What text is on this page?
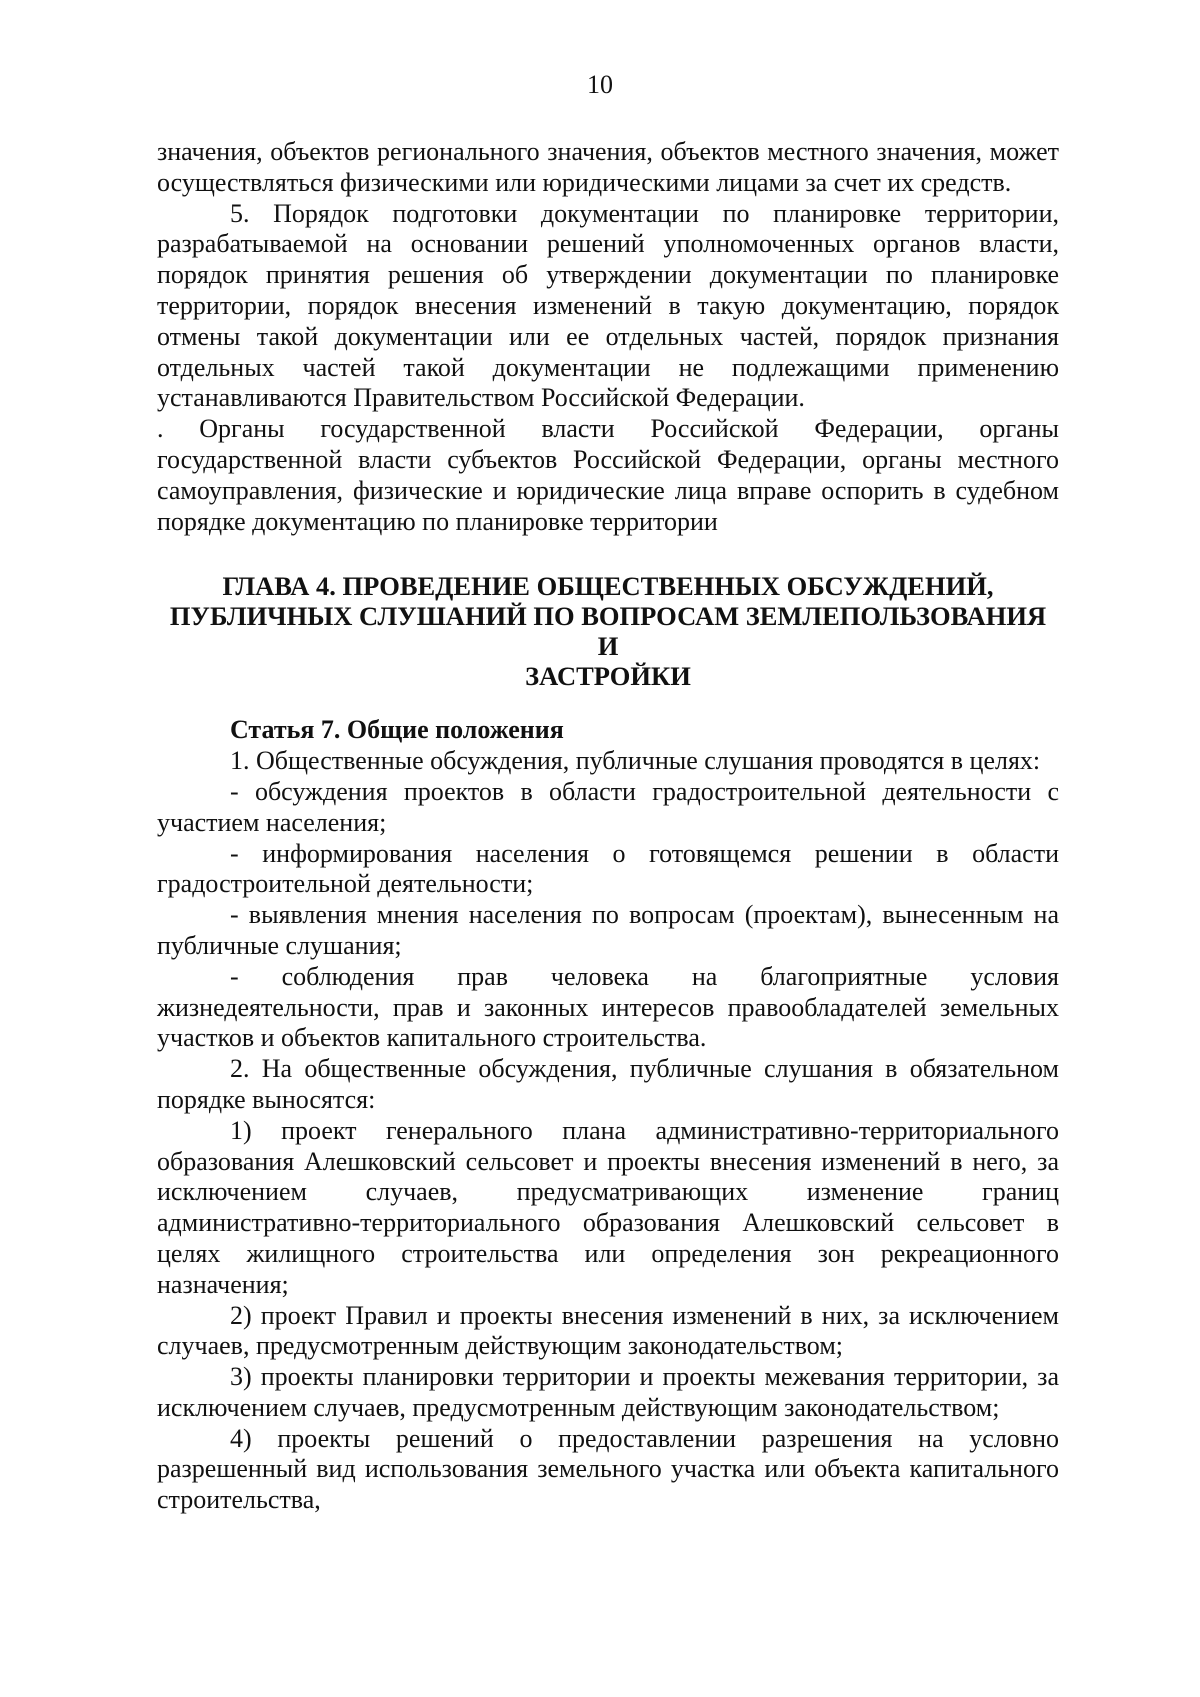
10

значения, объектов регионального значения, объектов местного значения, может осуществляться физическими или юридическими лицами за счет их средств.

5. Порядок подготовки документации по планировке территории, разрабатываемой на основании решений уполномоченных органов власти, порядок принятия решения об утверждении документации по планировке территории, порядок внесения изменений в такую документацию, порядок отмены такой документации или ее отдельных частей, порядок признания отдельных частей такой документации не подлежащими применению устанавливаются Правительством Российской Федерации.

. Органы государственной власти Российской Федерации, органы государственной власти субъектов Российской Федерации, органы местного самоуправления, физические и юридические лица вправе оспорить в судебном порядке документацию по планировке территории

ГЛАВА 4. ПРОВЕДЕНИЕ ОБЩЕСТВЕННЫХ ОБСУЖДЕНИЙ,
ПУБЛИЧНЫХ СЛУШАНИЙ ПО ВОПРОСАМ ЗЕМЛЕПОЛЬЗОВАНИЯ И
ЗАСТРОЙКИ

Статья 7. Общие положения

1. Общественные обсуждения, публичные слушания проводятся в целях:

- обсуждения проектов в области градостроительной деятельности с участием населения;

- информирования населения о готовящемся решении в области градостроительной деятельности;

- выявления мнения населения по вопросам (проектам), вынесенным на публичные слушания;

- соблюдения прав человека на благоприятные условия жизнедеятельности, прав и законных интересов правообладателей земельных участков и объектов капитального строительства.

2. На общественные обсуждения, публичные слушания в обязательном порядке выносятся:

1) проект генерального плана административно-территориального образования Алешковский сельсовет и проекты внесения изменений в него, за исключением случаев, предусматривающих изменение границ административно-территориального образования Алешковский сельсовет в целях жилищного строительства или определения зон рекреационного назначения;

2) проект Правил и проекты внесения изменений в них, за исключением случаев, предусмотренным действующим законодательством;

3) проекты планировки территории и проекты межевания территории, за исключением случаев, предусмотренным действующим законодательством;

4) проекты решений о предоставлении разрешения на условно разрешенный вид использования земельного участка или объекта капитального строительства,
